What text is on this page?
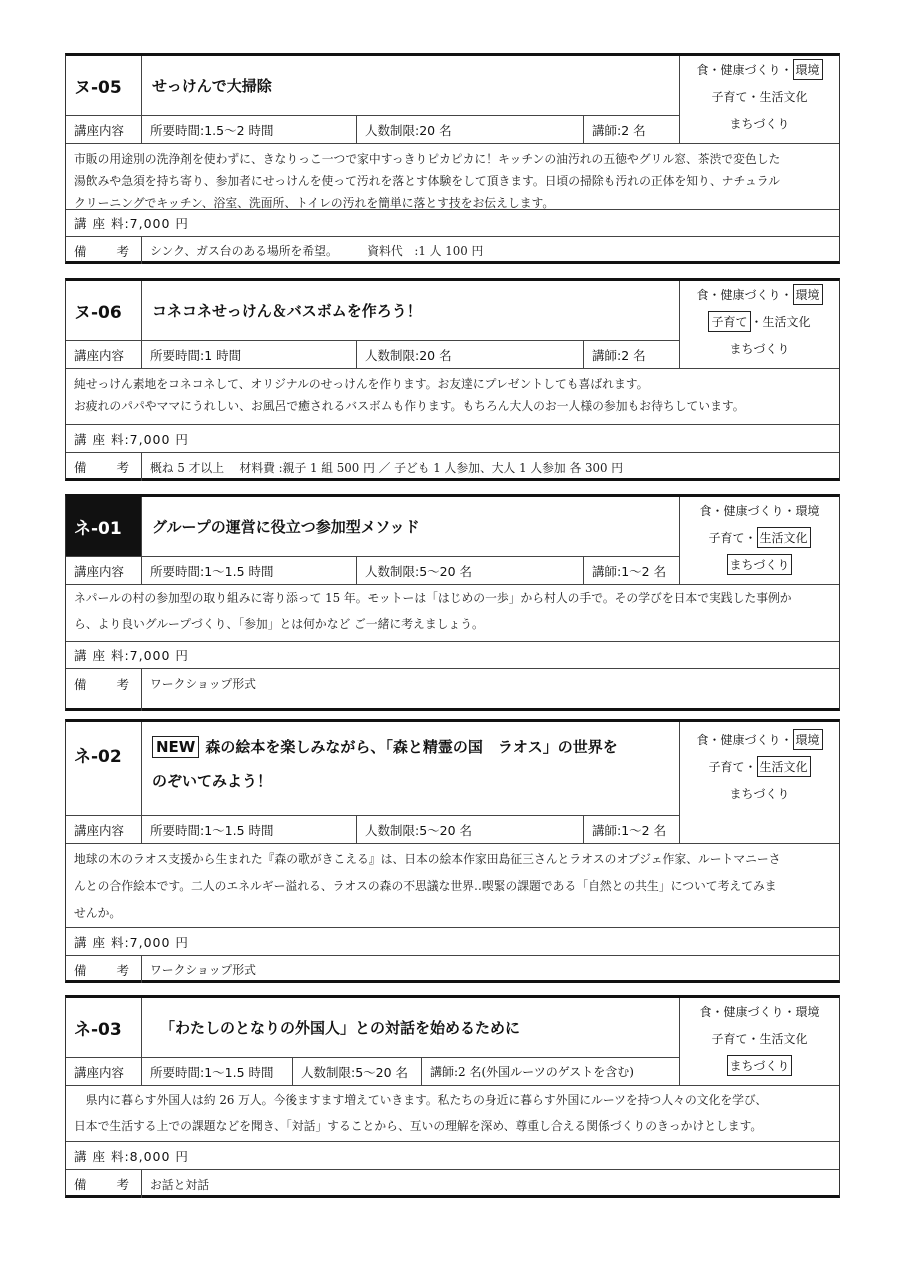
ヌ-05	せっけんで大掃除
食・健康づくり・ 環境
子育て ・生活文化
まちづくり
講座内容	所要時間:1.5～2 時間	人数制限:20 名	講師:2 名
市販の用途別の洗浄剤を使わずに、きなりっこ一つで家中すっきりピカピカに！キッチンの油汚れの五徳やグリル窓、茶渋で変色した
湯飲みや急須を持ち寄り、参加者にせっけんを使って汚れを落とす体験をして頂きます。日頃の掃除も汚れの正体を知り、ナチュラル
クリーニングでキッチン、浴室、洗面所、トイレの汚れを簡単に落とす技をお伝えします。
講 座 料:7,000 円
備 考	シンク、ガス台のある場所を希望。　　　資料代　:1 人 100 円
ヌ-06	コネコネせっけん＆バスボムを作ろう！
食・健康づくり・ 環境
子育て ・生活文化
まちづくり
講座内容	所要時間:1 時間	人数制限:20 名	講師:2 名
純せっけん素地をコネコネして、オリジナルのせっけんを作ります。お友達にプレゼントしても喜ばれます。
お疲れのパパやママにうれしい、お風呂で癒されるバスボムも作ります。もちろん大人のお一人様の参加もお待ちしています。
講 座 料:7,000 円
備 考	概ね 5 才以上　 材料費 :親子 1 組 500 円 ／ 子ども 1 人参加、大人 1 人参加 各 300 円
ネ-01	グループの運営に役立つ参加型メソッド
食・健康づくり・環境
子育て・ 生活文化
まちづくり
講座内容	所要時間:1～1.5 時間	人数制限:5～20 名	講師:1～2 名
ネパールの村の参加型の取り組みに寄り添って 15 年。モットーは「はじめの一歩」から村人の手で。その学びを日本で実践した事例か
ら、より良いグループづくり、「参加」とは何かなど ご一緒に考えましょう。
講 座 料:7,000 円
備 考	ワークショップ形式
ネ-02	NEW 森の絵本を楽しみながら、「森と精霊の国　ラオス」の世界を
のぞいてみよう！
食・健康づくり・ 環境
子育て・ 生活文化
まちづくり
講座内容	所要時間:1～1.5 時間	人数制限:5～20 名	講師:1～2 名
地球の木のラオス支援から生まれた『森の歌がきこえる』は、日本の絵本作家田島征三さんとラオスのオブジェ作家、ルートマニーさ
んとの合作絵本です。二人のエネルギー溢れる、ラオスの森の不思議な世界‥喫緊の課題である「自然との共生」について考えてみま
せんか。
講 座 料:7,000 円
備 考	ワークショップ形式
ネ-03	「わたしのとなりの外国人」との対話を始めるために
食・健康づくり・環境
子育て・生活文化
まちづくり
講座内容	所要時間:1～1.5 時間	人数制限:5～20 名	講師:2 名(外国ルーツのゲストを含む)
　県内に暮らす外国人は約 26 万人。今後ますます増えていきます。私たちの身近に暮らす外国にルーツを持つ人々の文化を学び、
日本で生活する上での課題などを聞き、「対話」することから、互いの理解を深め、尊重し合える関係づくりのきっかけとします。
講 座 料:8,000 円
備 考	お話と対話
